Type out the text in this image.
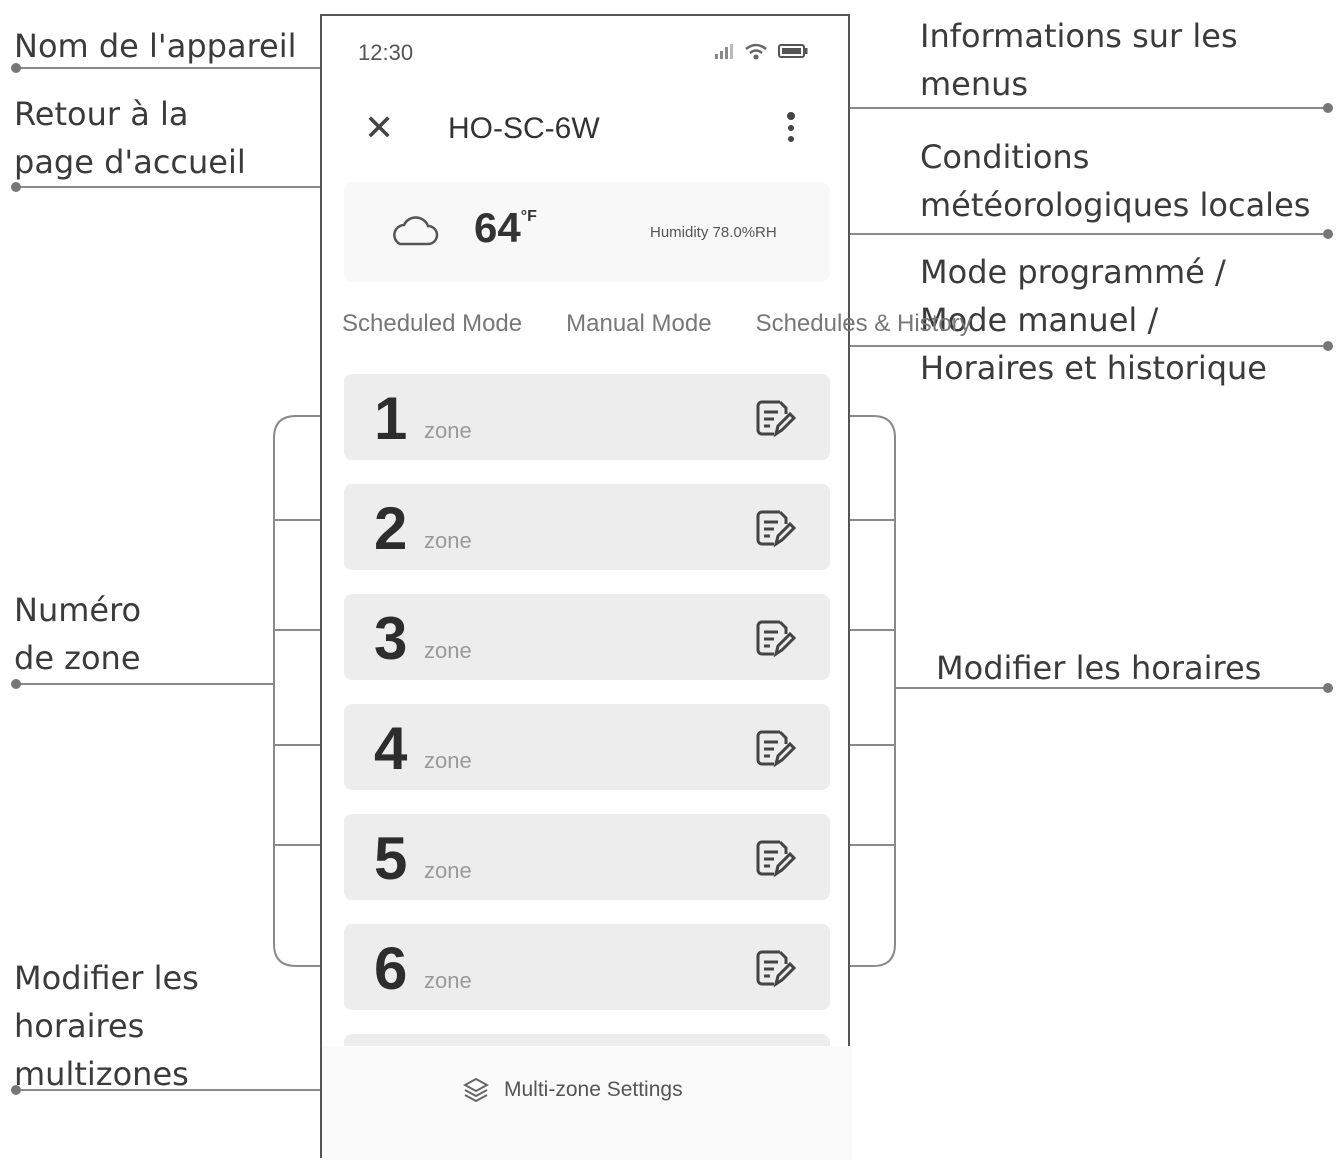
Nom de l'appareil
Retour à la
page d'accueil
Informations sur les
menus
Conditions
météorologiques locales
Mode programmé /
Mode manuel /
Horaires et historique
Numéro
de zone	Modifier les horaires
Modifier les
horaires
multizones
12:30
✕ HO-SC-6W
$64^{^\circ F}$
Humidity 78.0%RH
Scheduled Mode Manual Mode Schedules & History
1 zone
2 zone
3 zone
4 zone
5 zone
6 zone
Multi-zone Settings
